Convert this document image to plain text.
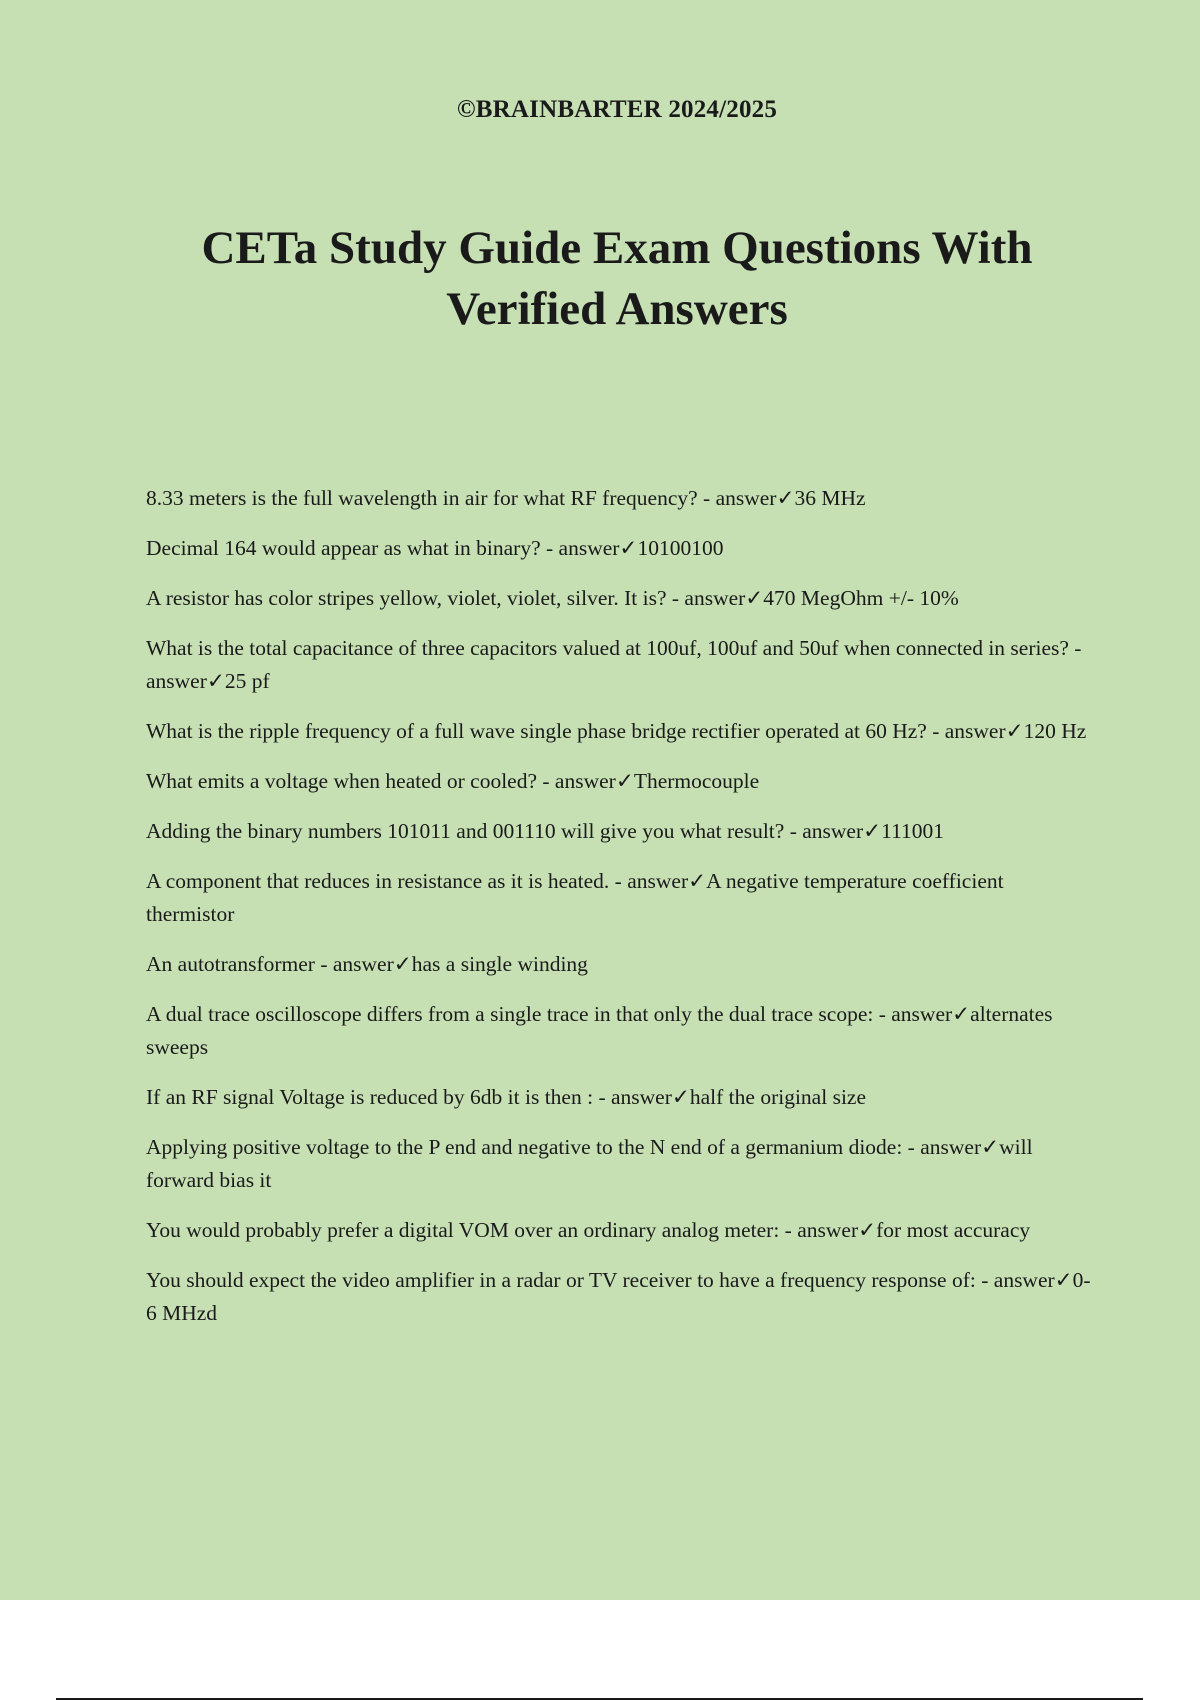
©BRAINBARTER 2024/2025
CETa Study Guide Exam Questions With
Verified Answers
8.33 meters is the full wavelength in air for what RF frequency? - answer✓36 MHz
Decimal 164 would appear as what in binary? - answer✓10100100
A resistor has color stripes yellow, violet, violet, silver. It is? - answer✓470 MegOhm +/- 10%
What is the total capacitance of three capacitors valued at 100uf, 100uf and 50uf when connected in series? - answer✓25 pf
What is the ripple frequency of a full wave single phase bridge rectifier operated at 60 Hz? - answer✓120 Hz
What emits a voltage when heated or cooled? - answer✓Thermocouple
Adding the binary numbers 101011 and 001110 will give you what result? - answer✓111001
A component that reduces in resistance as it is heated. - answer✓A negative temperature coefficient thermistor
An autotransformer - answer✓has a single winding
A dual trace oscilloscope differs from a single trace in that only the dual trace scope: - answer✓alternates sweeps
If an RF signal Voltage is reduced by 6db it is then : - answer✓half the original size
Applying positive voltage to the P end and negative to the N end of a germanium diode: - answer✓will forward bias it
You would probably prefer a digital VOM over an ordinary analog meter: - answer✓for most accuracy
You should expect the video amplifier in a radar or TV receiver to have a frequency response of: - answer✓0-6 MHzd
